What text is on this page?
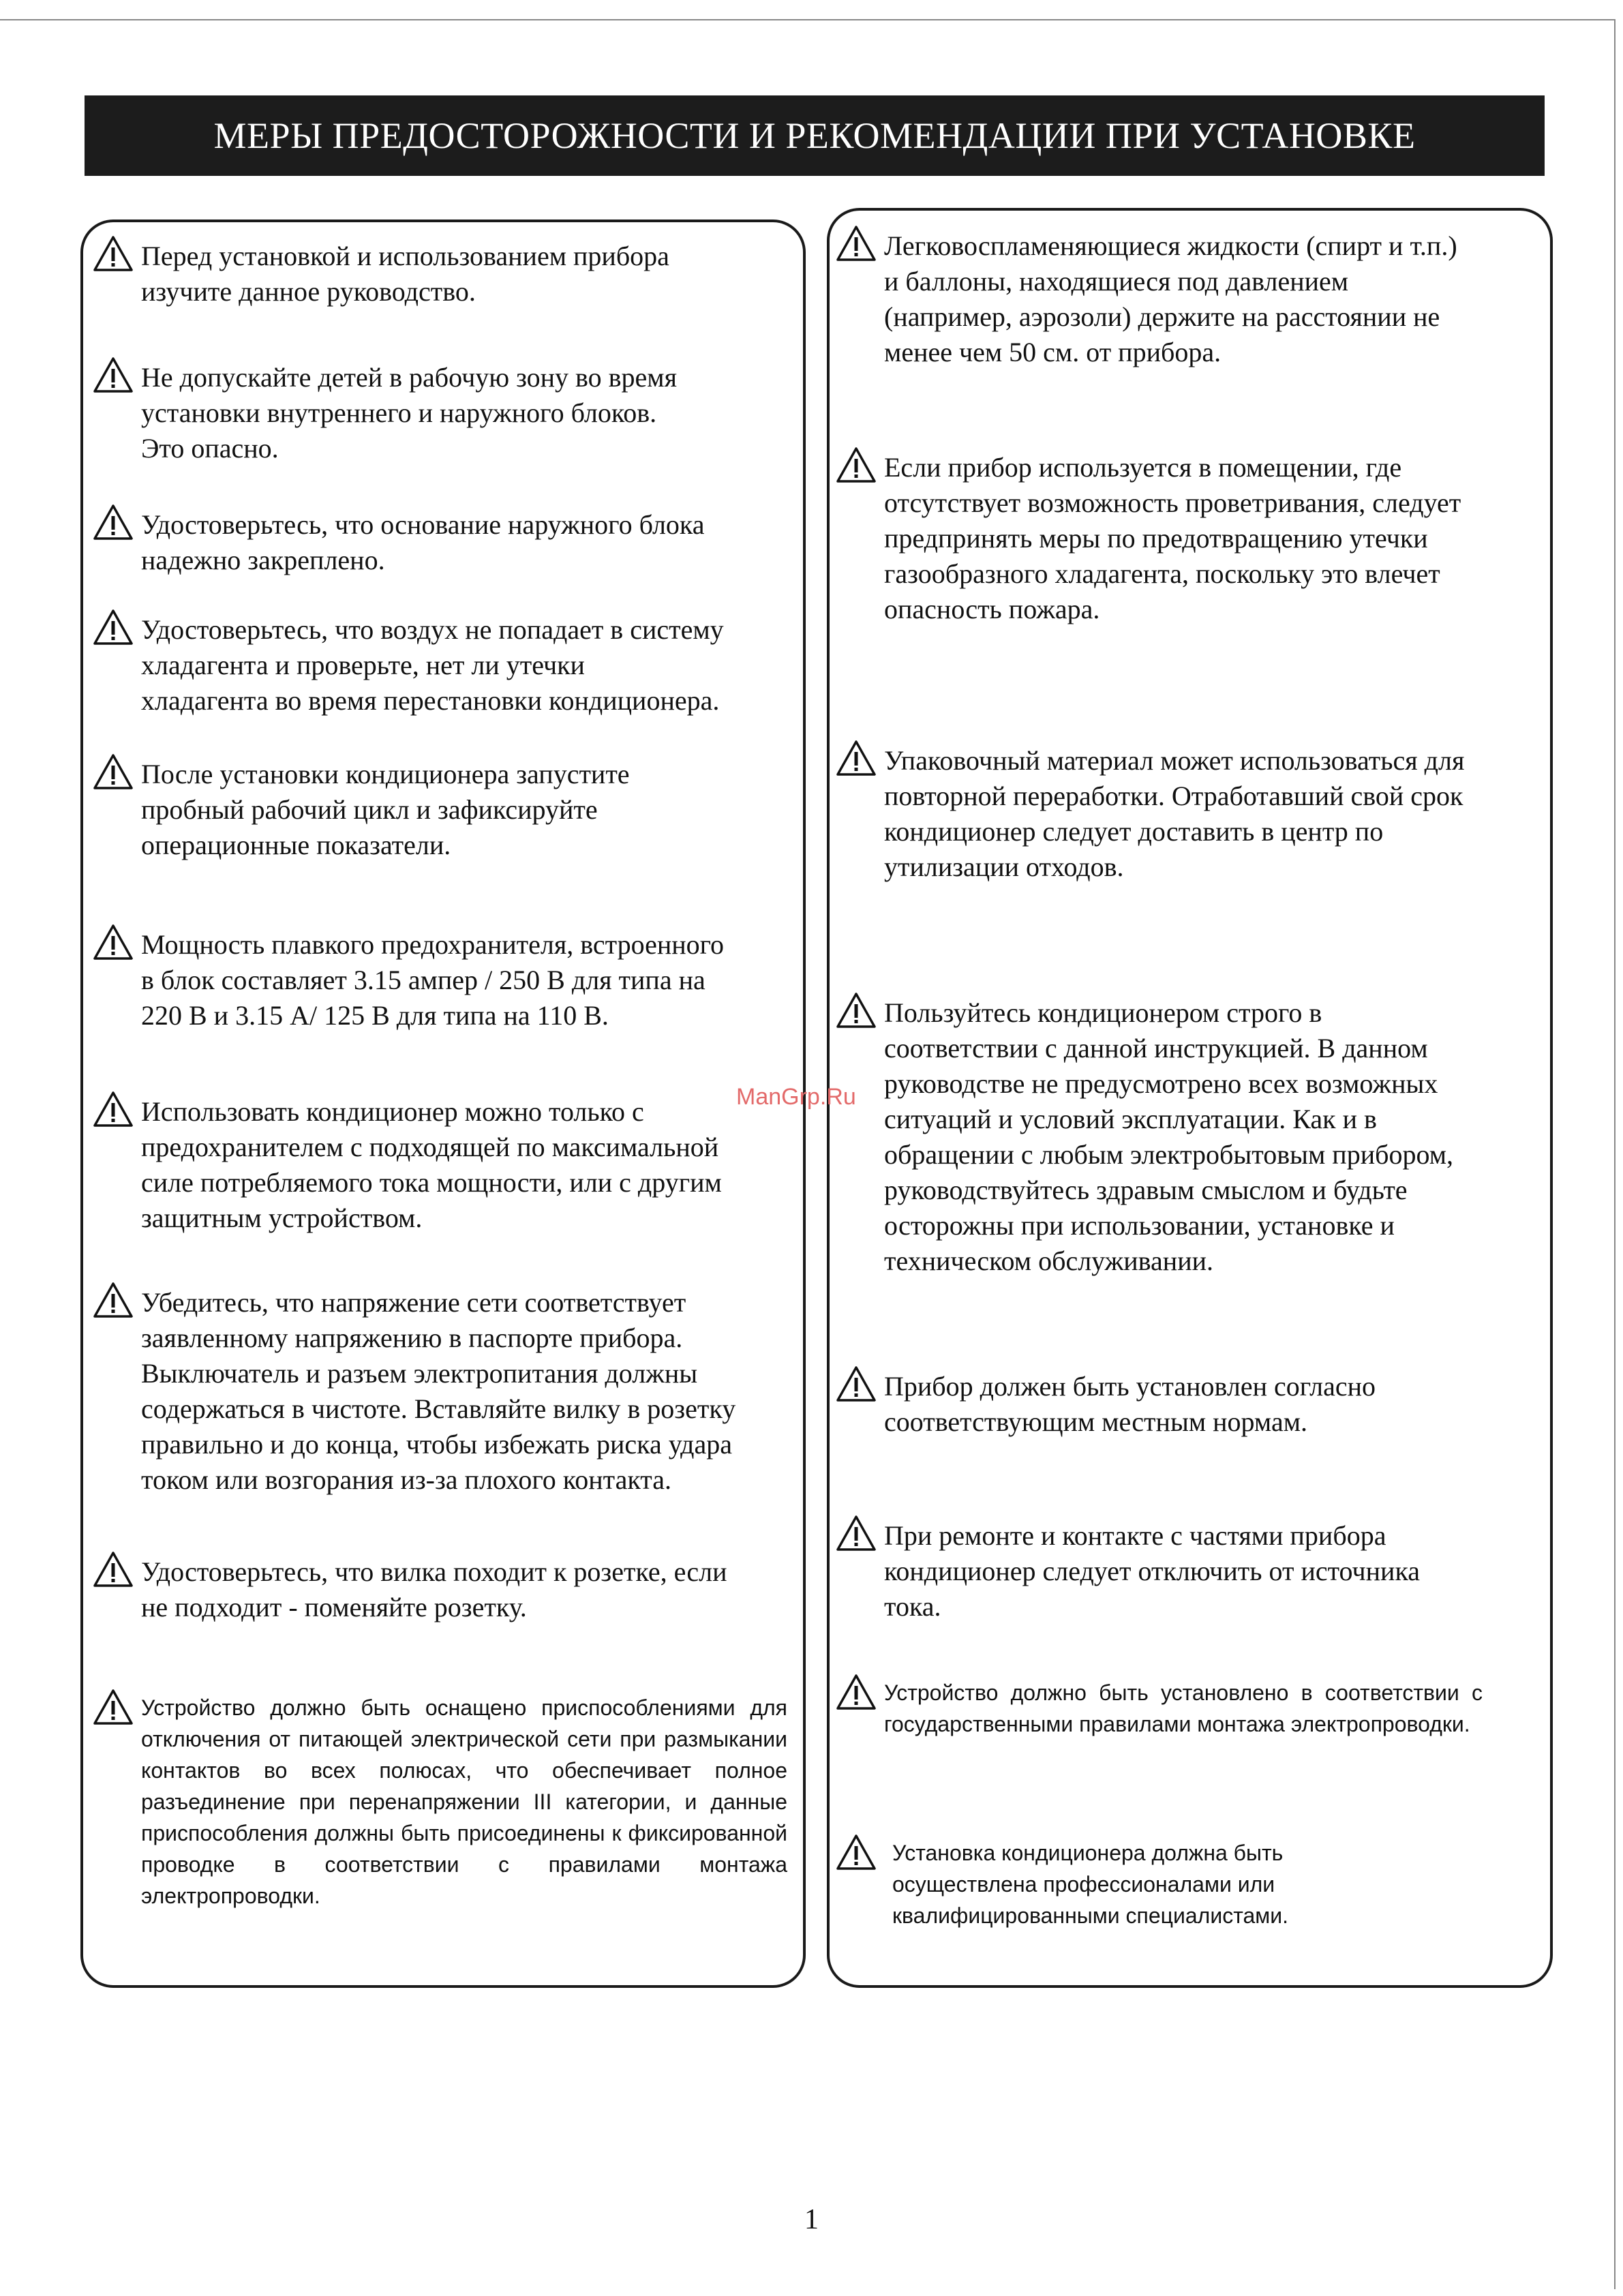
МЕРЫ ПРЕДОСТОРОЖНОСТИ И РЕКОМЕНДАЦИИ ПРИ УСТАНОВКЕ
Перед установкой и использованием прибора
изучите данное руководство.
Не допускайте детей в рабочую зону во время
установки внутреннего и наружного блоков.
Это опасно.
Удостоверьтесь, что основание наружного блока
надежно закреплено.
Удостоверьтесь, что воздух не попадает в систему
хладагента и проверьте, нет ли утечки
хладагента во время перестановки кондиционера.
После установки кондиционера запустите
пробный рабочий цикл и зафиксируйте
операционные показатели.
Мощность плавкого предохранителя, встроенного
в блок составляет 3.15 ампер / 250 В для типа на
220 В и 3.15 А/ 125 В для типа на 110 В.
Использовать кондиционер можно только с
предохранителем с подходящей по максимальной
силе потребляемого тока мощности, или с другим
защитным устройством.
Убедитесь, что напряжение сети соответствует
заявленному напряжению в паспорте прибора.
Выключатель и разъем электропитания должны
содержаться в чистоте. Вставляйте вилку в розетку
правильно и до конца, чтобы избежать риска удара
током или возгорания из-за плохого контакта.
Удостоверьтесь, что вилка походит к розетке, если
не подходит - поменяйте розетку.
Устройство должно быть оснащено приспособлениями для отключения от питающей электрической сети при размыкании контактов во всех полюсах, что обеспечивает полное разъединение при перенапряжении III категории, и данные приспособления должны быть присоединены к фиксированной проводке в соответствии с правилами монтажа электропроводки.
Легковоспламеняющиеся жидкости (спирт и т.п.)
и баллоны, находящиеся под давлением
(например, аэрозоли) держите на расстоянии не
менее чем 50 см. от прибора.
Если прибор используется в помещении, где
отсутствует возможность проветривания, следует
предпринять меры по предотвращению утечки
газообразного хладагента, поскольку это влечет
опасность пожара.
Упаковочный материал может использоваться для
повторной переработки. Отработавший свой срок
кондиционер следует доставить в центр по
утилизации отходов.
Пользуйтесь кондиционером строго в
соответствии с данной инструкцией. В данном
руководстве не предусмотрено всех возможных
ситуаций и условий эксплуатации. Как и в
обращении с любым электробытовым прибором,
руководствуйтесь здравым смыслом и будьте
осторожны при использовании, установке и
техническом обслуживании.
Прибор должен быть установлен согласно
соответствующим местным нормам.
При ремонте и контакте с частями прибора
кондиционер следует отключить от источника
тока.
Устройство должно быть установлено в соответствии с государственными правилами монтажа электропроводки.
Установка кондиционера должна быть
осуществлена профессионалами или
квалифицированными специалистами.
ManGrp.Ru
1
